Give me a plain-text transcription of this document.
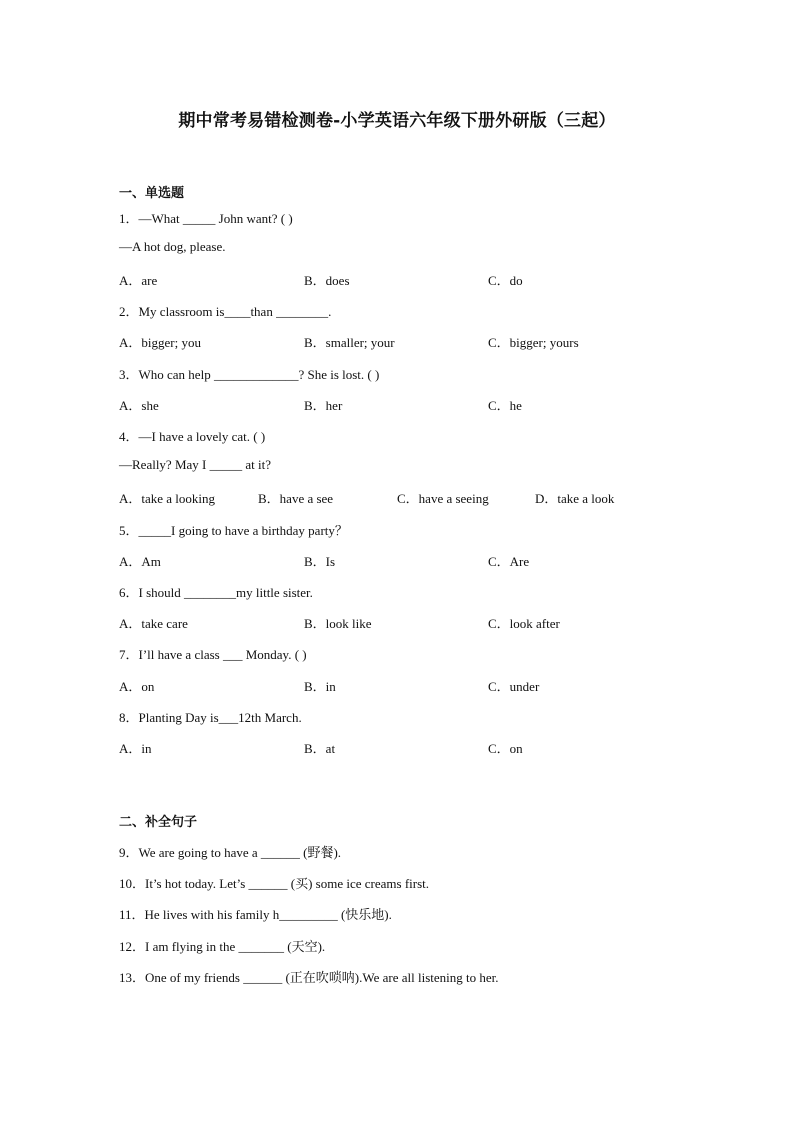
期中常考易错检测卷-小学英语六年级下册外研版（三起）
一、单选题
1．—What _____ John want? ( )
—A hot dog, please.
A．are	B．does	C．do
2．My classroom is____than ________.
A．bigger; you	B．smaller; your	C．bigger; yours
3．Who can help _____________? She is lost. ( )
A．she	B．her	C．he
4．—I have a lovely cat. ( )
—Really? May I _____ at it?
A．take a looking	B．have a see	C．have a seeing	D．take a look
5．_____I going to have a birthday party？
A．Am	B．Is	C．Are
6．I should ________my little sister.
A．take care	B．look like	C．look after
7．I’ll have a class ___ Monday. ( )
A．on	B．in	C．under
8．Planting Day is___12th March.
A．in	B．at	C．on
二、补全句子
9．We are going to have a ______ (野餐).
10．It’s hot today. Let’s ______ (买) some ice creams first.
11．He lives with his family h_________ (快乐地).
12．I am flying in the _______ (天空).
13．One of my friends ______ (正在吹唢呐).We are all listening to her.
